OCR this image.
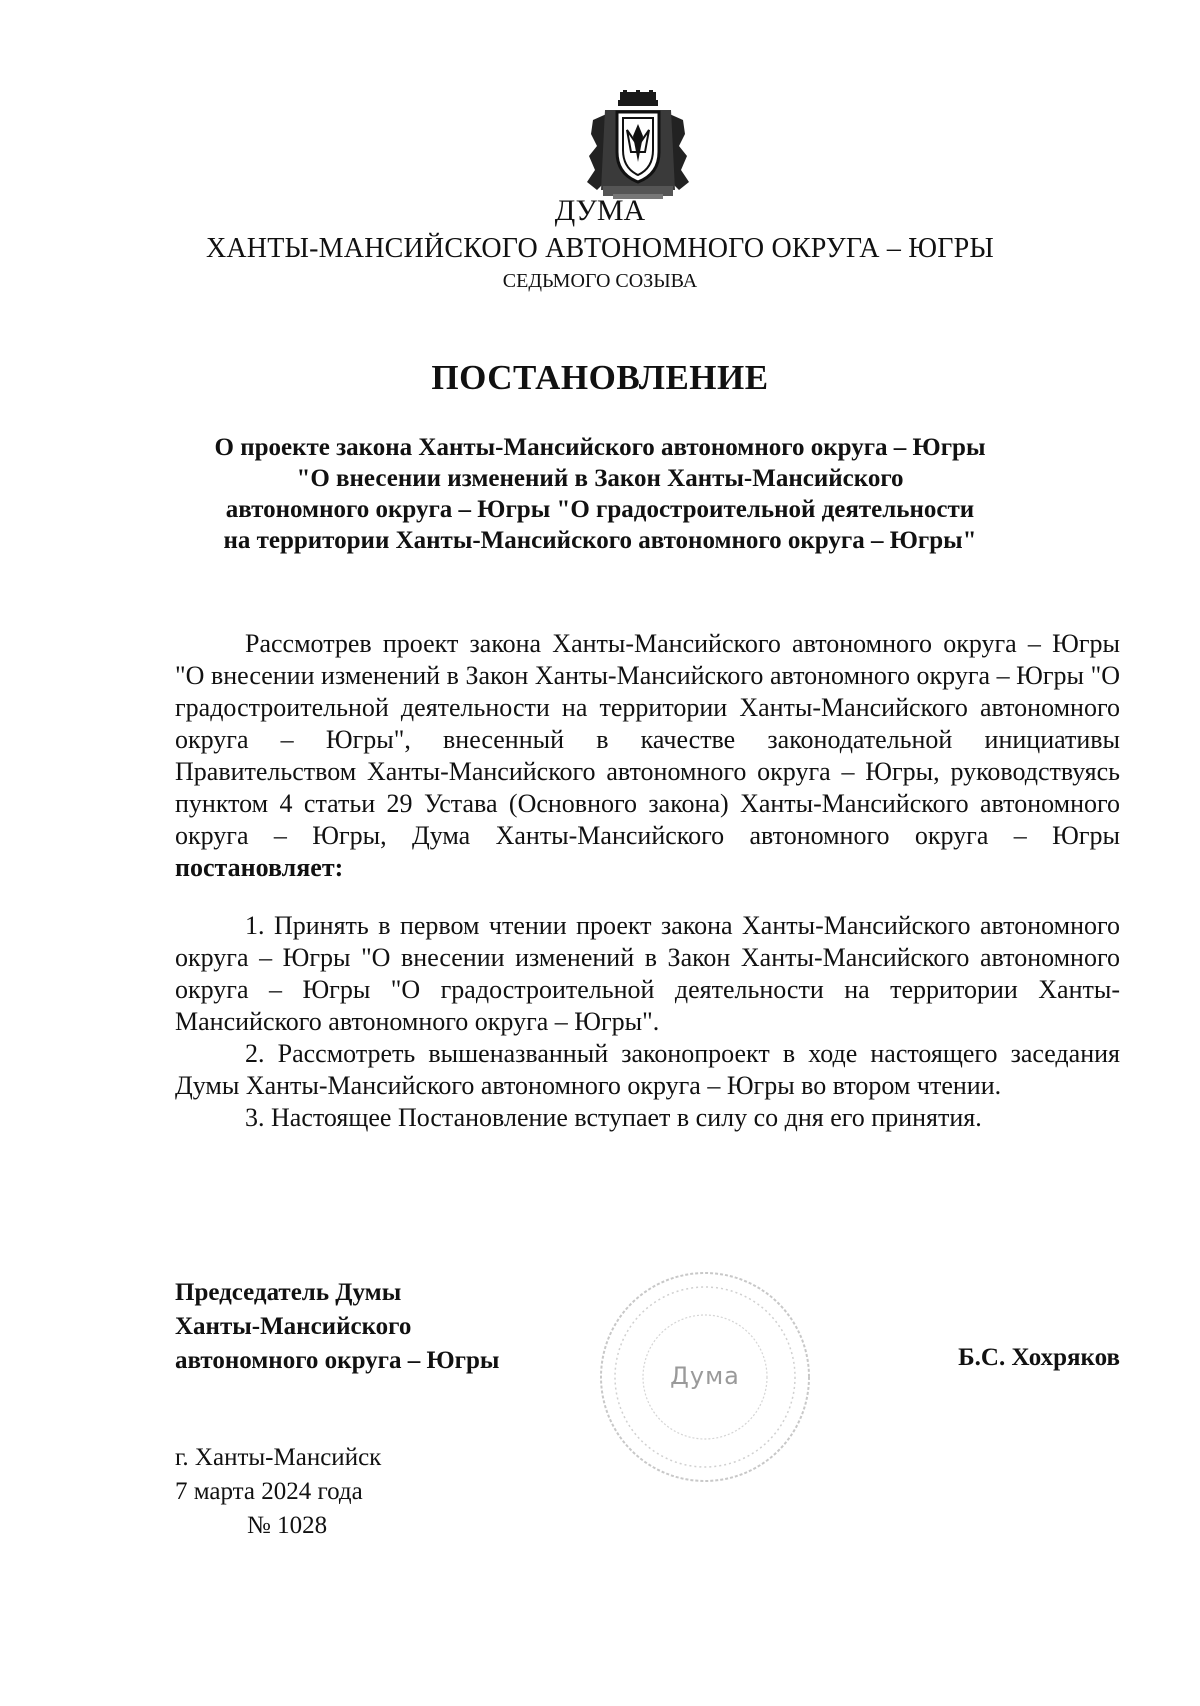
ДУМА
ХАНТЫ-МАНСИЙСКОГО АВТОНОМНОГО ОКРУГА – ЮГРЫ
СЕДЬМОГО СОЗЫВА
ПОСТАНОВЛЕНИЕ
О проекте закона Ханты-Мансийского автономного округа – Югры
"О внесении изменений в Закон Ханты-Мансийского
автономного округа – Югры "О градостроительной деятельности
на территории Ханты-Мансийского автономного округа – Югры"
Рассмотрев проект закона Ханты-Мансийского автономного округа – Югры "О внесении изменений в Закон Ханты-Мансийского автономного округа – Югры "О градостроительной деятельности на территории Ханты-Мансийского автономного округа – Югры", внесенный в качестве законодательной инициативы Правительством Ханты-Мансийского автономного округа – Югры, руководствуясь пунктом 4 статьи 29 Устава (Основного закона) Ханты-Мансийского автономного округа – Югры, Дума Ханты-Мансийского автономного округа – Югры постановляет:

1. Принять в первом чтении проект закона Ханты-Мансийского автономного округа – Югры "О внесении изменений в Закон Ханты-Мансийского автономного округа – Югры "О градостроительной деятельности на территории Ханты-Мансийского автономного округа – Югры".

2. Рассмотреть вышеназванный законопроект в ходе настоящего заседания Думы Ханты-Мансийского автономного округа – Югры во втором чтении.

3. Настоящее Постановление вступает в силу со дня его принятия.

Председатель Думы
Ханты-Мансийского
автономного округа – Югры
Дума
Б.С. Хохряков
г. Ханты-Мансийск
7 марта 2024 года
№ 1028
